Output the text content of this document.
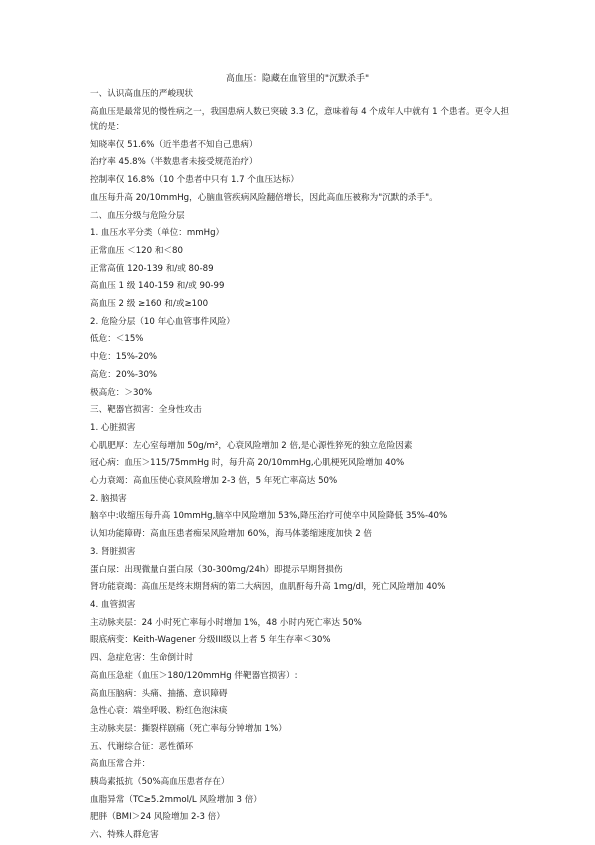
高血压：隐藏在血管里的"沉默杀手"
一、认识高血压的严峻现状
高血压是最常见的慢性病之一，我国患病人数已突破 3.3 亿，意味着每 4 个成年人中就有 1 个患者。更令人担忧的是：
知晓率仅 51.6%（近半患者不知自己患病）
治疗率 45.8%（半数患者未接受规范治疗）
控制率仅 16.8%（10 个患者中只有 1.7 个血压达标）
血压每升高 20/10mmHg，心脑血管疾病风险翻倍增长，因此高血压被称为"沉默的杀手"。
二、血压分级与危险分层
1. 血压水平分类（单位：mmHg）
正常血压 ＜120 和＜80
正常高值 120-139 和/或 80-89
高血压 1 级 140-159 和/或 90-99
高血压 2 级 ≥160 和/或≥100
2. 危险分层（10 年心血管事件风险）
低危：＜15%
中危：15%-20%
高危：20%-30%
极高危：＞30%
三、靶器官损害：全身性攻击
1. 心脏损害
心肌肥厚：左心室每增加 50g/m²，心衰风险增加 2 倍,是心源性猝死的独立危险因素
冠心病：血压＞115/75mmHg 时，每升高 20/10mmHg,心肌梗死风险增加 40%
心力衰竭：高血压使心衰风险增加 2-3 倍，5 年死亡率高达 50%
2. 脑损害
脑卒中:收缩压每升高 10mmHg,脑卒中风险增加 53%,降压治疗可使卒中风险降低 35%-40%
认知功能障碍：高血压患者痴呆风险增加 60%，海马体萎缩速度加快 2 倍
3. 肾脏损害
蛋白尿：出现微量白蛋白尿（30-300mg/24h）即提示早期肾损伤
肾功能衰竭：高血压是终末期肾病的第二大病因，血肌酐每升高 1mg/dl，死亡风险增加 40%
4. 血管损害
主动脉夹层：24 小时死亡率每小时增加 1%，48 小时内死亡率达 50%
眼底病变：Keith-Wagener 分级III级以上者 5 年生存率＜30%
四、急症危害：生命倒计时
高血压急症（血压＞180/120mmHg 伴靶器官损害）:
高血压脑病：头痛、抽搐、意识障碍
急性心衰：端坐呼吸、粉红色泡沫痰
主动脉夹层：撕裂样剧痛（死亡率每分钟增加 1%）
五、代谢综合征：恶性循环
高血压常合并：
胰岛素抵抗（50%高血压患者存在）
血脂异常（TC≥5.2mmol/L 风险增加 3 倍）
肥胖（BMI＞24 风险增加 2-3 倍）
六、特殊人群危害
